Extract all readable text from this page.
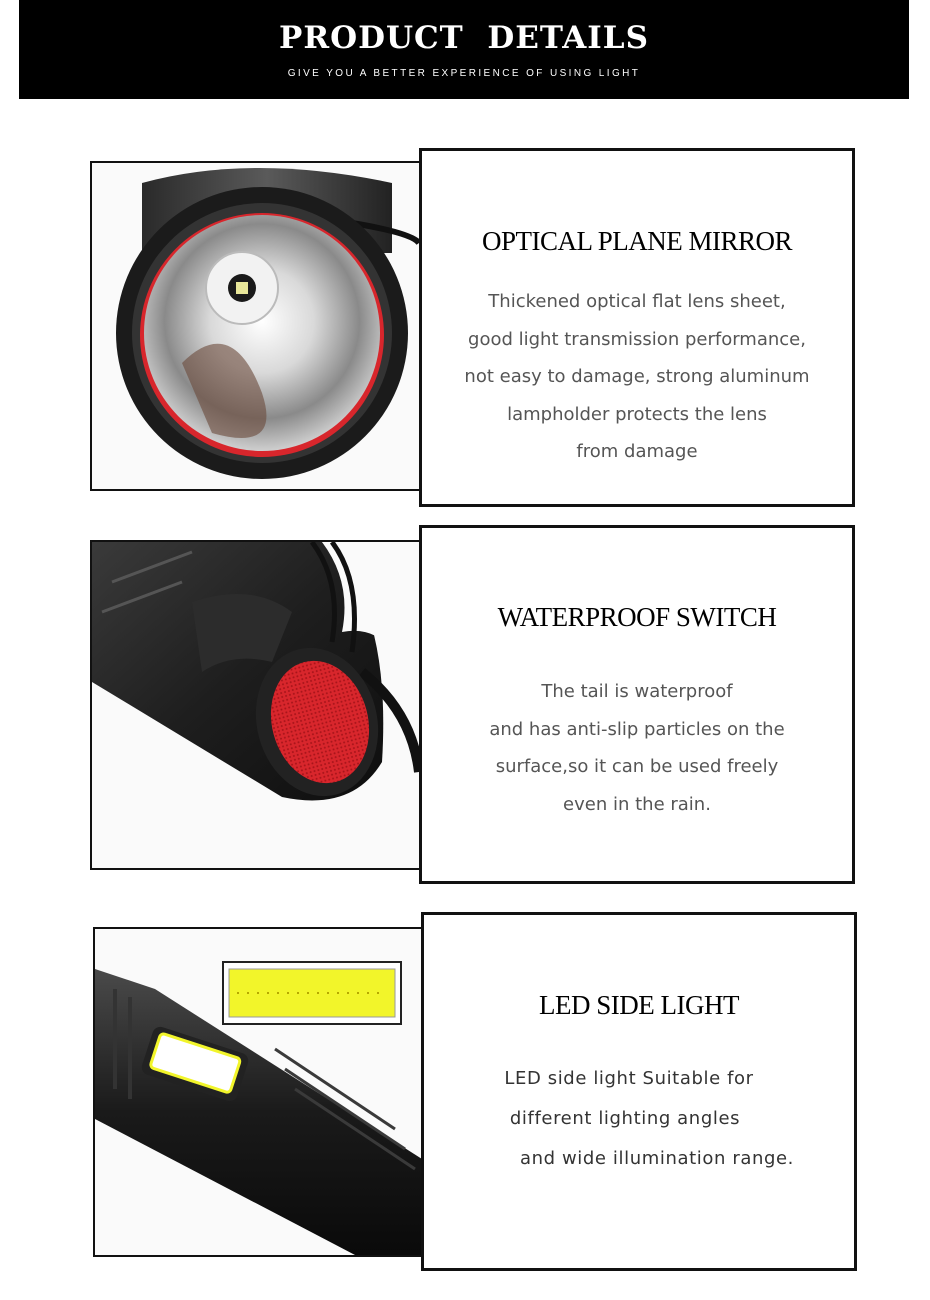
PRODUCT  DETAILS
GIVE YOU A BETTER EXPERIENCE OF USING LIGHT
OPTICAL PLANE MIRROR
Thickened optical flat lens sheet,
good light transmission performance,
not easy to damage, strong aluminum
lampholder protects the lens
from damage
WATERPROOF SWITCH
The tail is waterproof
and has anti-slip particles on the
surface,so it can be used freely
even in the rain.
LED SIDE LIGHT
LED side light Suitable for
different lighting angles
and wide illumination range.
